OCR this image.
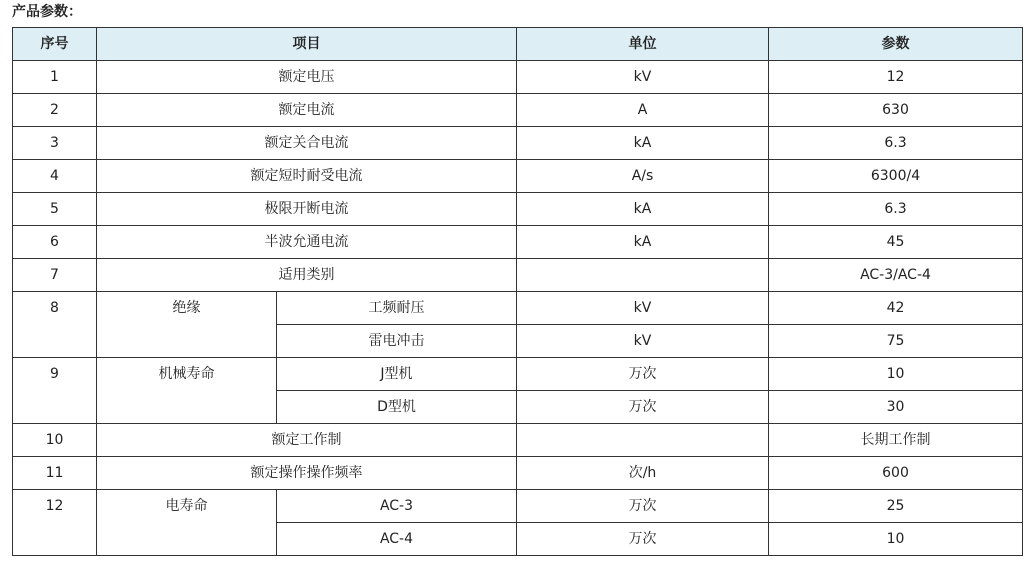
产品参数：
序号	项目		单位	参数
1	额定电压		kV	12
2	额定电流		A	630
3	额定关合电流		kA	6.3
4	额定短时耐受电流		A/s	6300/4
5	极限开断电流		kA	6.3
6	半波允通电流		kA	45
7	适用类别			AC-3/AC-4
8	绝缘	工频耐压	kV	42
		雷电冲击	kV	75
9	机械寿命	J型机	万次	10
		D型机	万次	30
10	额定工作制			长期工作制
11	额定操作操作频率		次/h	600
12	电寿命	AC-3	万次	25
		AC-4	万次	10
